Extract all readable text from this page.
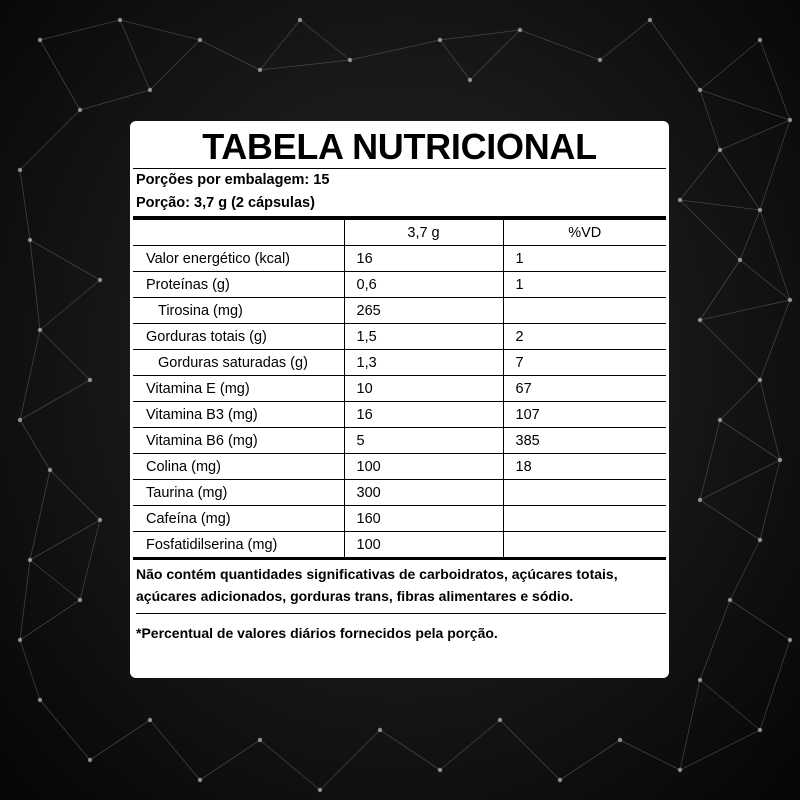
TABELA NUTRICIONAL
Porções por embalagem: 15
Porção: 3,7 g (2 cápsulas)
	3,7 g	%VD
Valor energético (kcal)	16	1
Proteínas (g)	0,6	1
Tirosina (mg)	265	
Gorduras totais (g)	1,5	2
Gorduras saturadas (g)	1,3	7
Vitamina E (mg)	10	67
Vitamina B3 (mg)	16	107
Vitamina B6 (mg)	5	385
Colina (mg)	100	18
Taurina (mg)	300	
Cafeína (mg)	160	
Fosfatidilserina (mg)	100	
Não contém quantidades significativas de carboidratos, açúcares totais,
açúcares adicionados, gorduras trans, fibras alimentares e sódio.
*Percentual de valores diários fornecidos pela porção.
